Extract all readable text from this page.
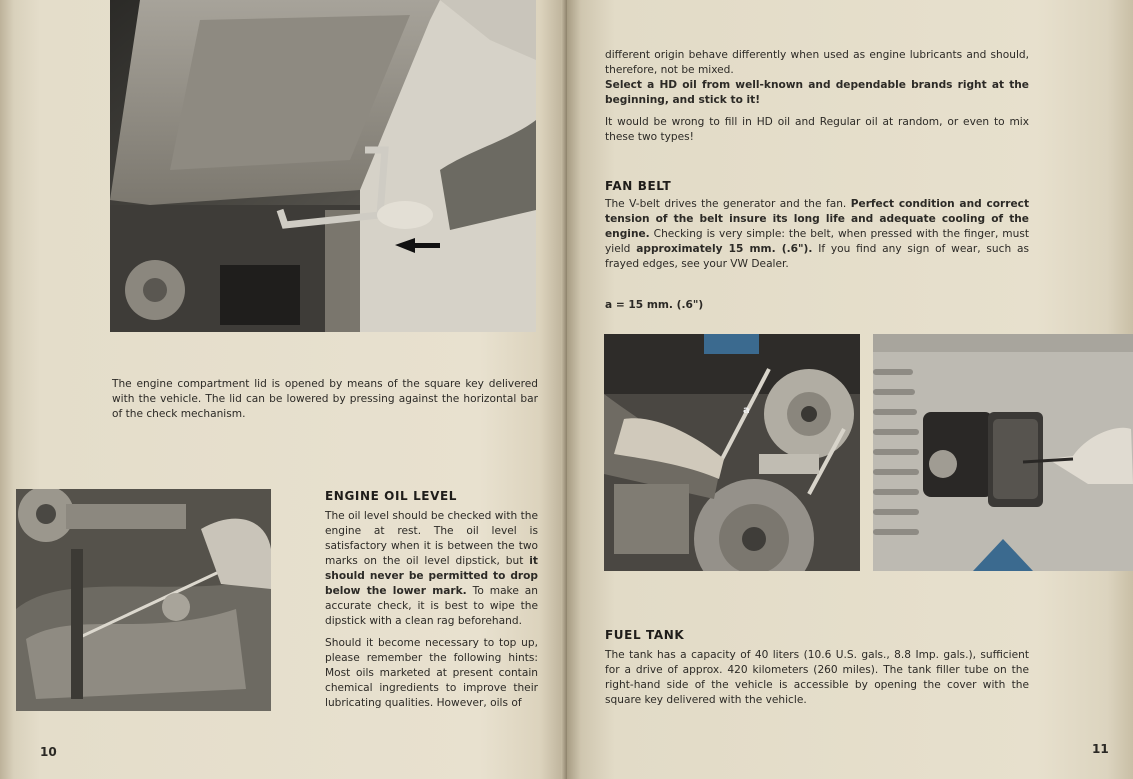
The engine compartment lid is opened by means of the square key delivered with the vehicle. The lid can be lowered by pressing against the horizontal bar of the check mechanism.
ENGINE OIL LEVEL

The oil level should be checked with the engine at rest. The oil level is satisfactory when it is between the two marks on the oil level dipstick, but it should never be permitted to drop below the lower mark. To make an accurate check, it is best to wipe the dipstick with a clean rag beforehand.

Should it become necessary to top up, please remember the following hints: Most oils marketed at present contain chemical ingredients to improve their lubricating qualities. However, oils of

10

different origin behave differently when used as engine lubricants and should, therefore, not be mixed.

Select a HD oil from well-known and dependable brands right at the beginning, and stick to it!

It would be wrong to fill in HD oil and Regular oil at random, or even to mix these two types!

FAN BELT
The V-belt drives the generator and the fan. Perfect condition and correct tension of the belt insure its long life and adequate cooling of the engine. Checking is very simple: the belt, when pressed with the finger, must yield approximately 15 mm. (.6"). If you find any sign of wear, such as frayed edges, see your VW Dealer.
a = 15 mm. (.6")
a
FUEL TANK
The tank has a capacity of 40 liters (10.6 U.S. gals., 8.8 Imp. gals.), sufficient for a drive of approx. 420 kilometers (260 miles). The tank filler tube on the right-hand side of the vehicle is accessible by opening the cover with the square key delivered with the vehicle.
11
